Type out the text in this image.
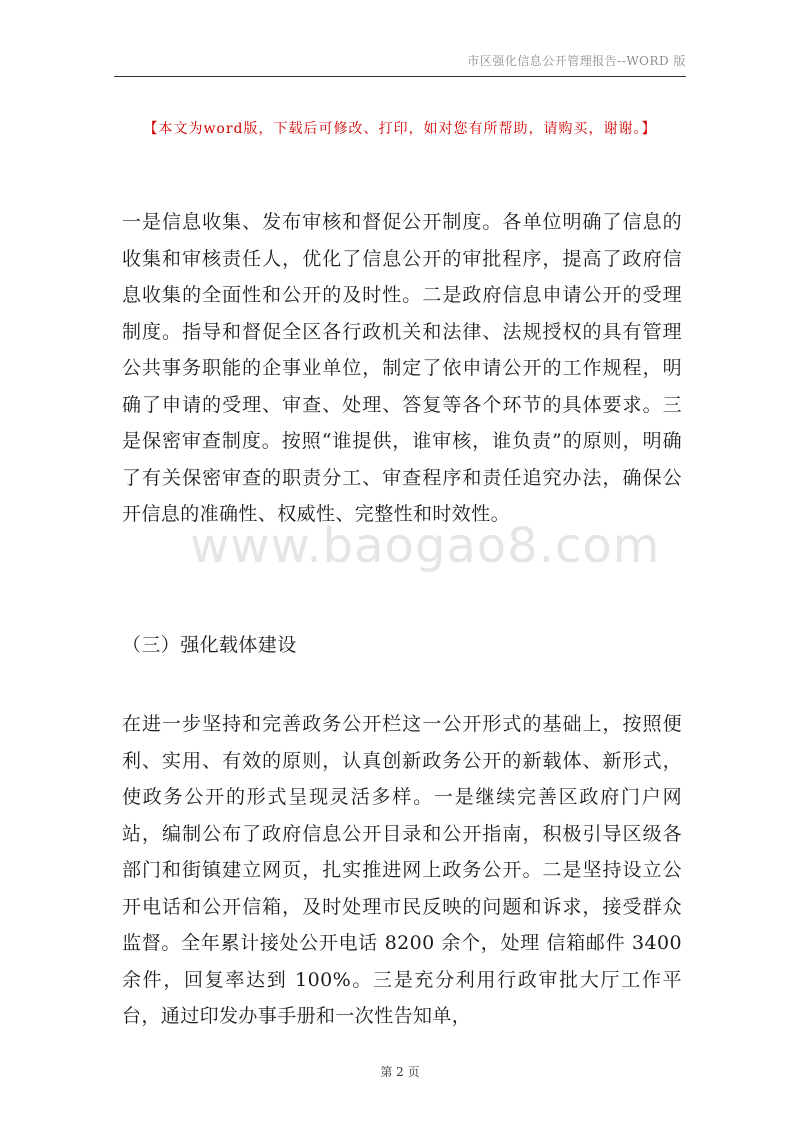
市区强化信息公开管理报告--WORD 版
【本文为word版，下载后可修改、打印，如对您有所帮助，请购买，谢谢。】

一是信息收集、发布审核和督促公开制度。各单位明确了信息的收集和审核责任人，优化了信息公开的审批程序，提高了政府信息收集的全面性和公开的及时性。二是政府信息申请公开的受理制度。指导和督促全区各行政机关和法律、法规授权的具有管理公共事务职能的企事业单位，制定了依申请公开的工作规程，明确了申请的受理、审查、处理、答复等各个环节的具体要求。三是保密审查制度。按照“谁提供，谁审核，谁负责”的原则，明确了有关保密审查的职责分工、审查程序和责任追究办法，确保公开信息的准确性、权威性、完整性和时效性。

（三）强化载体建设

在进一步坚持和完善政务公开栏这一公开形式的基础上，按照便利、实用、有效的原则，认真创新政务公开的新载体、新形式，使政务公开的形式呈现灵活多样。一是继续完善区政府门户网站，编制公布了政府信息公开目录和公开指南，积极引导区级各部门和街镇建立网页，扎实推进网上政务公开。二是坚持设立公开电话和公开信箱，及时处理市民反映的问题和诉求，接受群众监督。全年累计接处公开电话 8200 余个，处理 信箱邮件 3400 余件，回复率达到 100%。三是充分利用行政审批大厅工作平台，通过印发办事手册和一次性告知单，

www.baogao8.com
第 2 页
